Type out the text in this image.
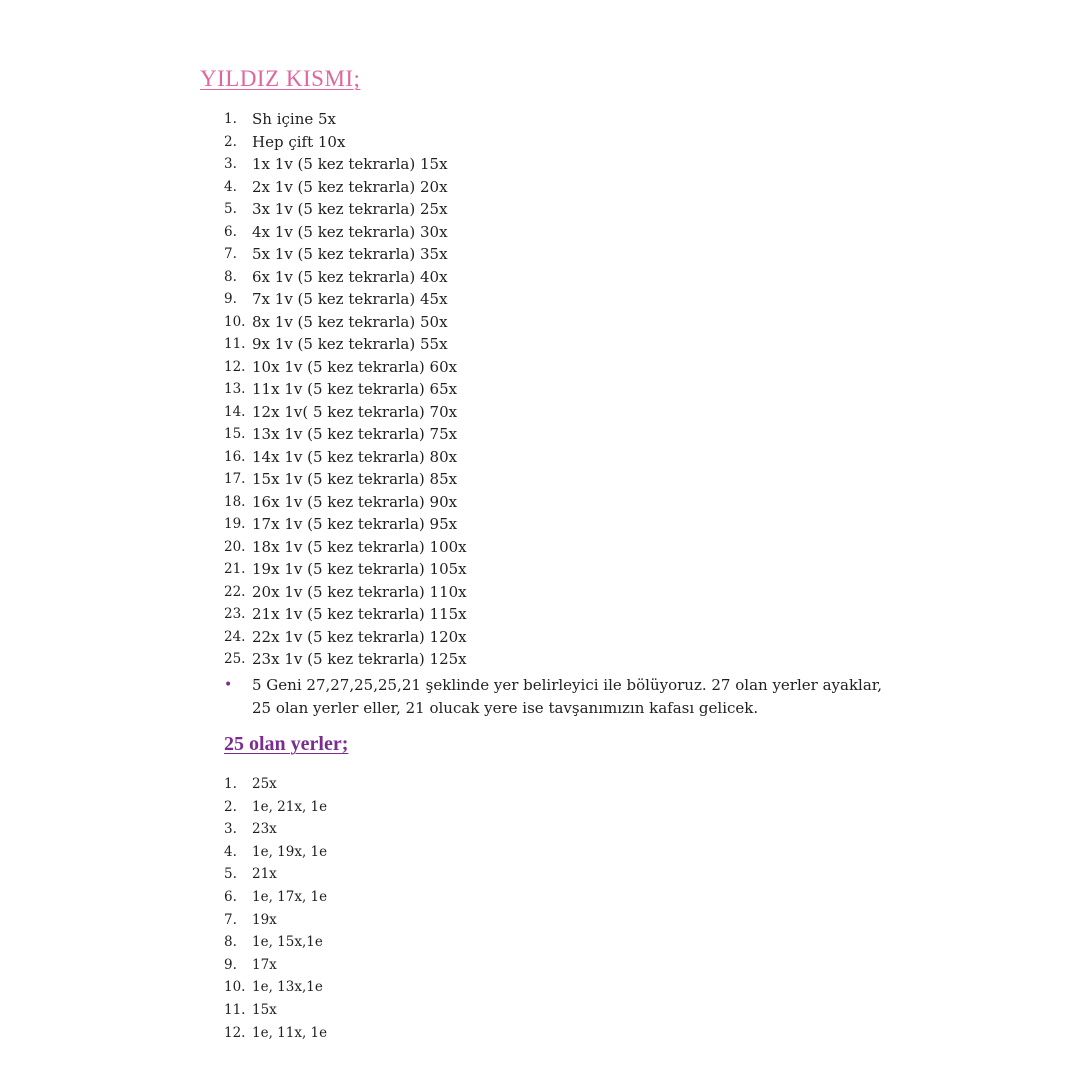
YILDIZ KISMI;
1.	Sh içine 5x
2.	Hep çift 10x
3.	1x 1v (5 kez tekrarla) 15x
4.	2x 1v (5 kez tekrarla) 20x
5.	3x 1v (5 kez tekrarla) 25x
6.	4x 1v (5 kez tekrarla) 30x
7.	5x 1v (5 kez tekrarla) 35x
8.	6x 1v (5 kez tekrarla) 40x
9.	7x 1v (5 kez tekrarla) 45x
10. 8x 1v (5 kez tekrarla) 50x
11. 9x 1v (5 kez tekrarla) 55x
12. 10x 1v (5 kez tekrarla) 60x
13. 11x 1v (5 kez tekrarla) 65x
14. 12x 1v( 5 kez tekrarla) 70x
15. 13x 1v (5 kez tekrarla) 75x
16. 14x 1v (5 kez tekrarla) 80x
17. 15x 1v (5 kez tekrarla) 85x
18. 16x 1v (5 kez tekrarla) 90x
19. 17x 1v (5 kez tekrarla) 95x
20. 18x 1v (5 kez tekrarla) 100x
21. 19x 1v (5 kez tekrarla) 105x
22. 20x 1v (5 kez tekrarla) 110x
23. 21x 1v (5 kez tekrarla) 115x
24. 22x 1v (5 kez tekrarla) 120x
25. 23x 1v (5 kez tekrarla) 125x
•	5 Geni 27,27,25,25,21 şeklinde yer belirleyici ile bölüyoruz. 27 olan yerler ayaklar, 25 olan yerler eller, 21 olucak yere ise tavşanımızın kafası gelicek.
25 olan yerler;
1.	25x
2.	1e, 21x, 1e
3.	23x
4.	1e, 19x, 1e
5.	21x
6.	1e, 17x, 1e
7.	19x
8.	1e, 15x,1e
9.	17x
10. 1e, 13x,1e
11. 15x
12. 1e, 11x, 1e
